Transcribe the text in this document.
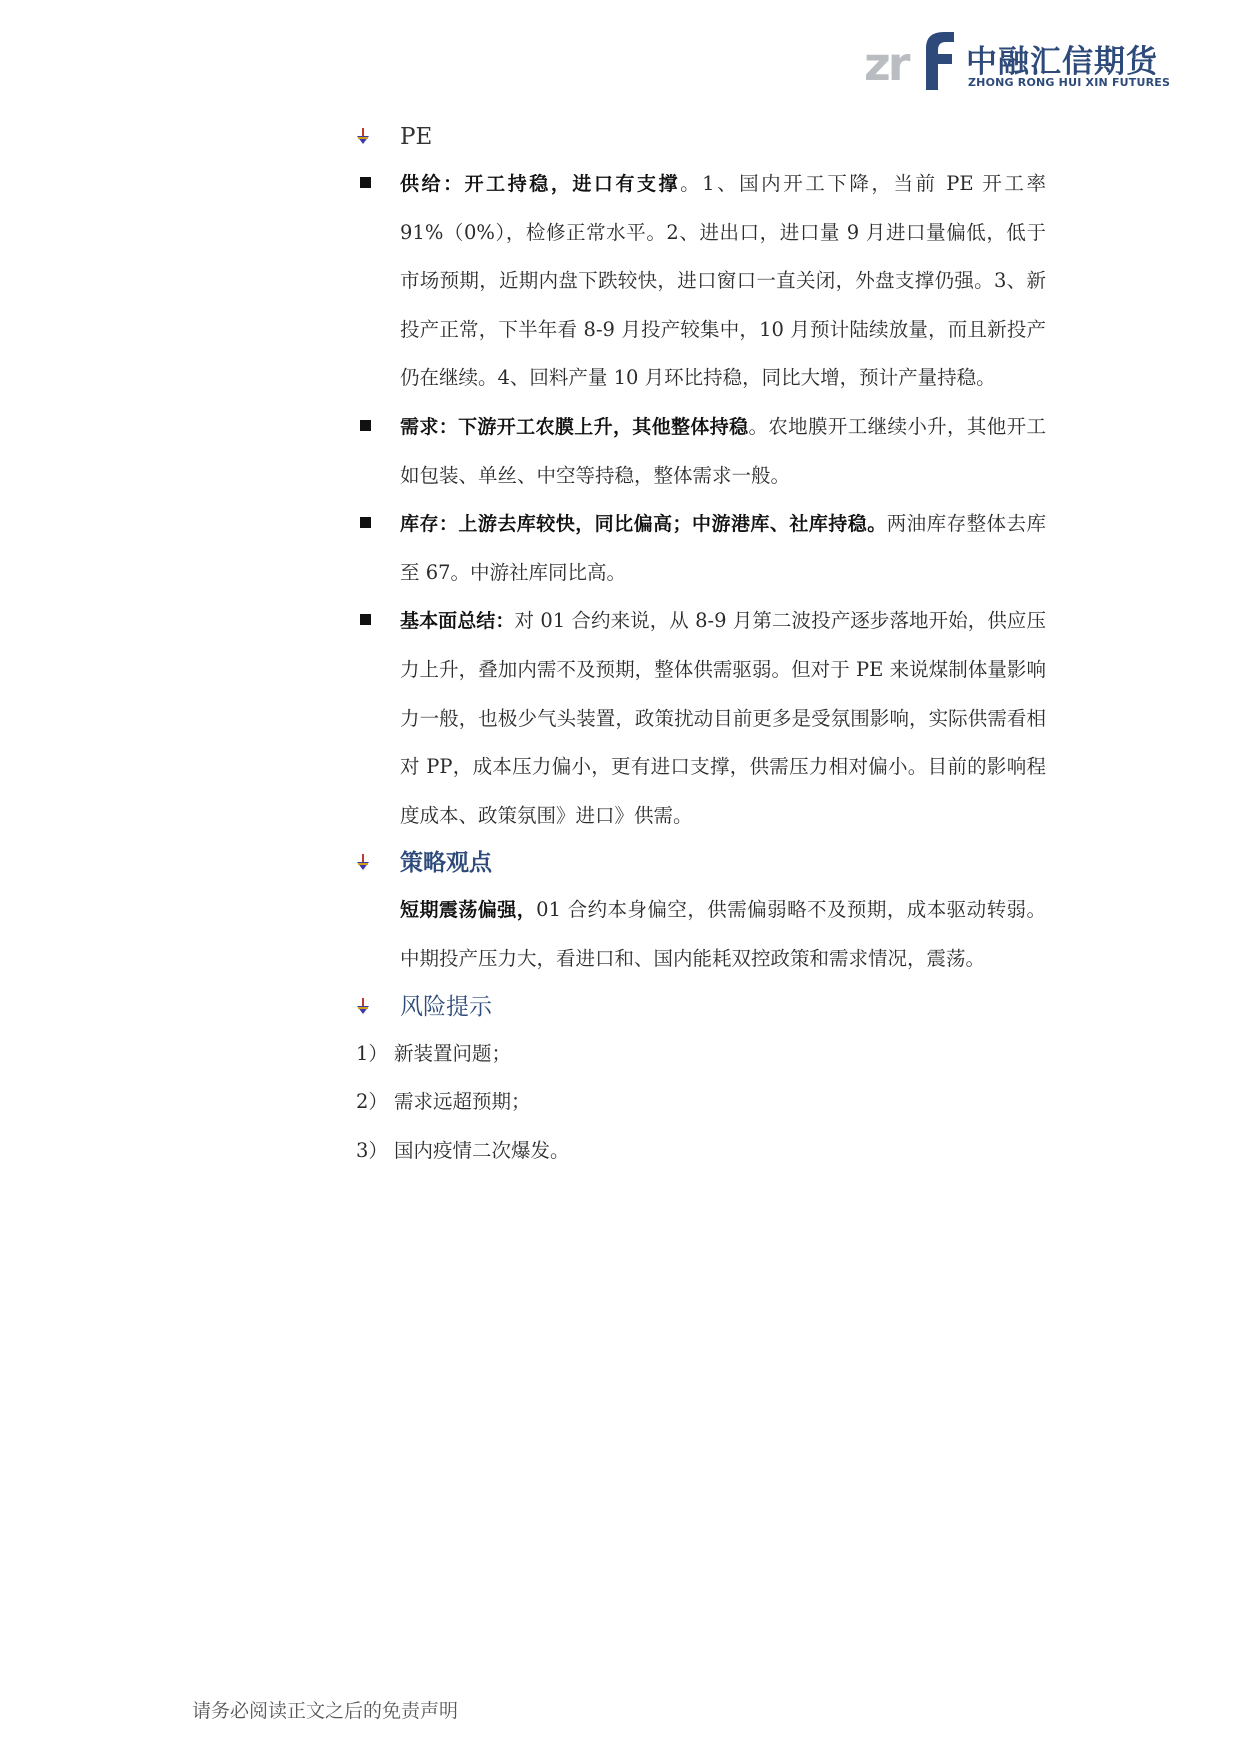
zr 中融汇信期货
ZHONG RONG HUI XIN FUTURES
PE
供给：开工持稳，进口有支撑。1、国内开工下降，当前 PE 开工率 91%（0%），检修正常水平。2、进出口，进口量 9 月进口量偏低，低于市场预期，近期内盘下跌较快，进口窗口一直关闭，外盘支撑仍强。3、新投产正常，下半年看 8-9 月投产较集中，10 月预计陆续放量，而且新投产仍在继续。4、回料产量 10 月环比持稳，同比大增，预计产量持稳。
需求：下游开工农膜上升，其他整体持稳。农地膜开工继续小升，其他开工如包装、单丝、中空等持稳，整体需求一般。
库存：上游去库较快，同比偏高；中游港库、社库持稳。两油库存整体去库至 67。中游社库同比高。
基本面总结：对 01 合约来说，从 8-9 月第二波投产逐步落地开始，供应压力上升，叠加内需不及预期，整体供需驱弱。但对于 PE 来说煤制体量影响力一般，也极少气头装置，政策扰动目前更多是受氛围影响，实际供需看相对 PP，成本压力偏小，更有进口支撑，供需压力相对偏小。目前的影响程度成本、政策氛围》进口》供需。
策略观点
短期震荡偏强，01 合约本身偏空，供需偏弱略不及预期，成本驱动转弱。中期投产压力大，看进口和、国内能耗双控政策和需求情况，震荡。
风险提示
1） 新装置问题；
2） 需求远超预期；
3） 国内疫情二次爆发。
请务必阅读正文之后的免责声明
